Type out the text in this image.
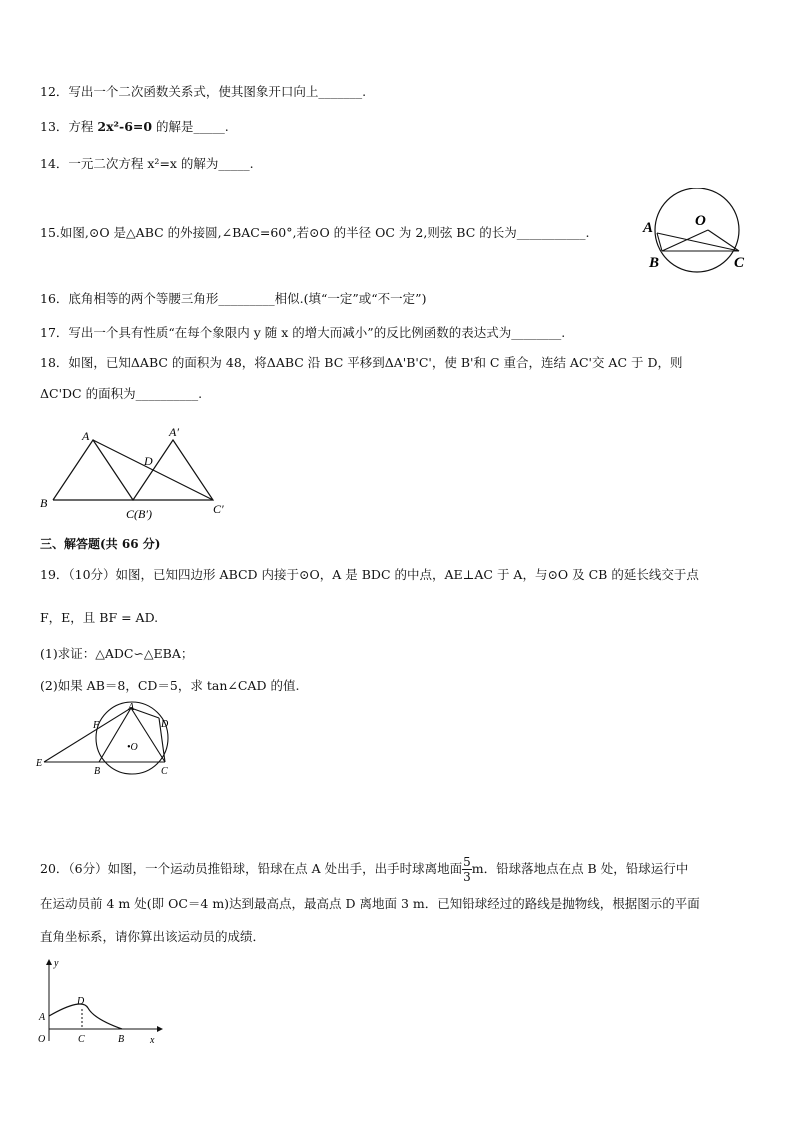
12．写出一个二次函数关系式，使其图象开口向上_______.
13．方程 2x²-6=0 的解是_____.
14．一元二次方程 x²=x 的解为_____.
15.如图,⊙O 是△ABC 的外接圆,∠BAC=60°,若⊙O 的半径 OC 为 2,则弦 BC 的长为___________.	A	O
B	C
16．底角相等的两个等腰三角形_________相似.(填“一定”或“不一定”)
17．写出一个具有性质“在每个象限内 y 随 x 的增大而减小”的反比例函数的表达式为________.
18．如图，已知ΔABC 的面积为 48，将ΔABC 沿 BC 平移到ΔA'B'C'，使 B'和 C 重合，连结 AC'交 AC 于 D，则
ΔC'DC 的面积为__________.
A	A′
D
B
C(B′)	C′
三、解答题(共 66 分)
19．（10分）如图，已知四边形 ABCD 内接于⊙O，A 是 BDC 的中点，AE⊥AC 于 A，与⊙O 及 CB 的延长线交于点
F，E，且 BF = AD.
(1)求证：△ADC∽△EBA；
(2)如果 AB＝8，CD＝5，求 tan∠CAD 的值.
F
A
D
•O
E
B	C
20．（6分）如图，一个运动员推铅球，铅球在点 A 处出手，出手时球离地面 $\frac{5}{3}$ m．铅球落地点在点 B 处，铅球运行中
在运动员前 4 m 处(即 OC＝4 m)达到最高点，最高点 D 离地面 3 m．已知铅球经过的路线是抛物线，根据图示的平面
直角坐标系，请你算出该运动员的成绩．
y
D
A
O	C	B	x
